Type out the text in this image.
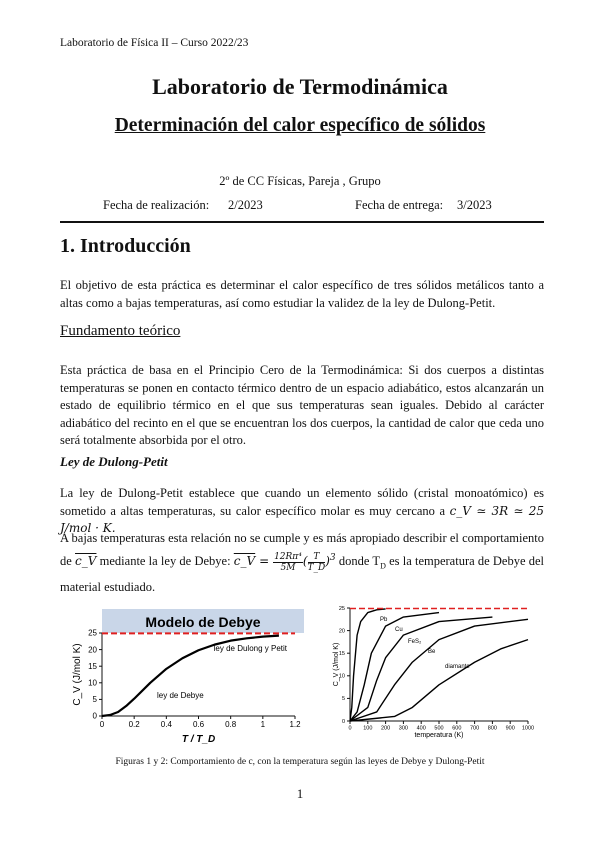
Laboratorio de Física II – Curso 2022/23
Laboratorio de Termodinámica
Determinación del calor específico de sólidos
2º de CC Físicas, Pareja , Grupo
Fecha de realización: 2/2023	Fecha de entrega: 3/2023
1. Introducción
El objetivo de esta práctica es determinar el calor específico de tres sólidos metálicos tanto a altas como a bajas temperaturas, así como estudiar la validez de la ley de Dulong-Petit.
Fundamento teórico
Esta práctica de basa en el Principio Cero de la Termodinámica: Si dos cuerpos a distintas temperaturas se ponen en contacto térmico dentro de un espacio adiabático, estos alcanzarán un estado de equilibrio térmico en el que sus temperaturas sean iguales. Debido al carácter adiabático del recinto en el que se encuentran los dos cuerpos, la cantidad de calor que ceda uno será totalmente absorbida por el otro.
Ley de Dulong-Petit
La ley de Dulong-Petit establece que cuando un elemento sólido (cristal monoatómico) es sometido a altas temperaturas, su calor específico molar es muy cercano a c_V ≃ 3R ≃ 25 J/mol · K.
A bajas temperaturas esta relación no se cumple y es más apropiado describir el comportamiento de c_V mediante la ley de Debye: c_V = $\frac{\text{12Rπ⁴}}{5M}$ ( $\frac{T}{T\_D} )^3$ donde $T_D$ es la temperatura de Debye del material estudiado.
Modelo de Debye
ley de Dulong y Petit
ley de Debye
0	0.2	0.4	0.6	0.8	1	1.2
0
5
10
15
20
25
T / T_D
C_V (J/mol K)
0 100 200 300 400 500 600 700 800 900 1000
0
5
10
15
20
25
temperatura (K)
C_V (J/mol K)
Pb
Cu
FeS₂
Be
diamante
Figuras 1 y 2: Comportamiento de c, con la temperatura según las leyes de Debye y Dulong-Petit
1
